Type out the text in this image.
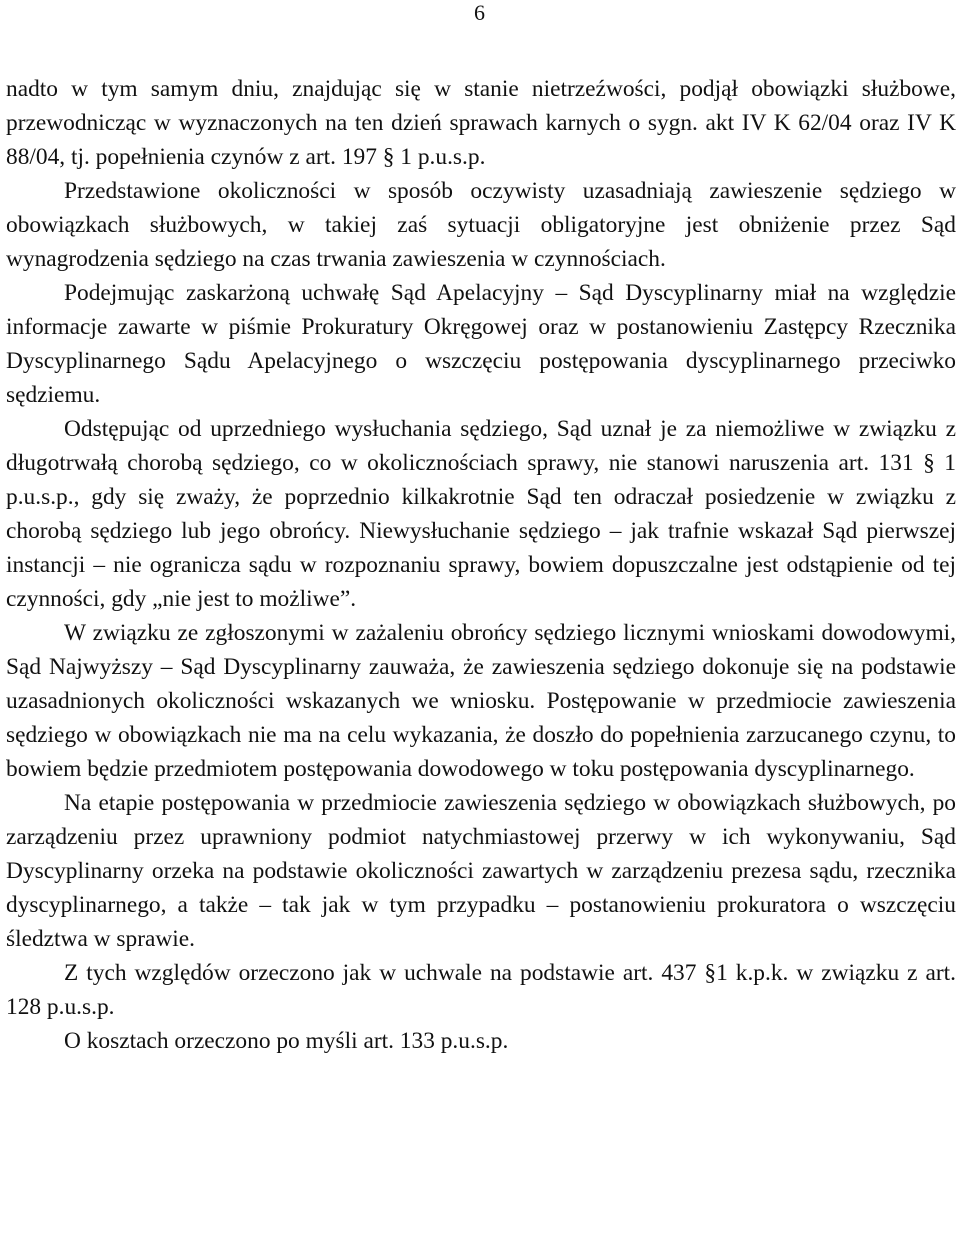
6

nadto w tym samym dniu, znajdując się w stanie nietrzeźwości, podjął obowiązki służbowe, przewodnicząc w wyznaczonych na ten dzień sprawach karnych o sygn. akt IV K 62/04 oraz IV K 88/04, tj. popełnienia czynów z art. 197 § 1 p.u.s.p.

Przedstawione okoliczności w sposób oczywisty uzasadniają zawieszenie sędziego w obowiązkach służbowych, w takiej zaś sytuacji obligatoryjne jest obniżenie przez Sąd wynagrodzenia sędziego na czas trwania zawieszenia w czynnościach.

Podejmując zaskarżoną uchwałę Sąd Apelacyjny – Sąd Dyscyplinarny miał na względzie informacje zawarte w piśmie Prokuratury Okręgowej oraz w postanowieniu Zastępcy Rzecznika Dyscyplinarnego Sądu Apelacyjnego o wszczęciu postępowania dyscyplinarnego przeciwko sędziemu.

Odstępując od uprzedniego wysłuchania sędziego, Sąd uznał je za niemożliwe w związku z długotrwałą chorobą sędziego, co w okolicznościach sprawy, nie stanowi naruszenia art. 131 § 1 p.u.s.p., gdy się zważy, że poprzednio kilkakrotnie Sąd ten odraczał posiedzenie w związku z chorobą sędziego lub jego obrońcy. Niewysłuchanie sędziego – jak trafnie wskazał Sąd pierwszej instancji – nie ogranicza sądu w rozpoznaniu sprawy, bowiem dopuszczalne jest odstąpienie od tej czynności, gdy „nie jest to możliwe”.

W związku ze zgłoszonymi w zażaleniu obrońcy sędziego licznymi wnioskami dowodowymi, Sąd Najwyższy – Sąd Dyscyplinarny zauważa, że zawieszenia sędziego dokonuje się na podstawie uzasadnionych okoliczności wskazanych we wniosku. Postępowanie w przedmiocie zawieszenia sędziego w obowiązkach nie ma na celu wykazania, że doszło do popełnienia zarzucanego czynu, to bowiem będzie przedmiotem postępowania dowodowego w toku postępowania dyscyplinarnego.

Na etapie postępowania w przedmiocie zawieszenia sędziego w obowiązkach służbowych, po zarządzeniu przez uprawniony podmiot natychmiastowej przerwy w ich wykonywaniu, Sąd Dyscyplinarny orzeka na podstawie okoliczności zawartych w zarządzeniu prezesa sądu, rzecznika dyscyplinarnego, a także – tak jak w tym przypadku – postanowieniu prokuratora o wszczęciu śledztwa w sprawie.

Z tych względów orzeczono jak w uchwale na podstawie art. 437 §1 k.p.k. w związku z art. 128 p.u.s.p.

O kosztach orzeczono po myśli art. 133 p.u.s.p.
